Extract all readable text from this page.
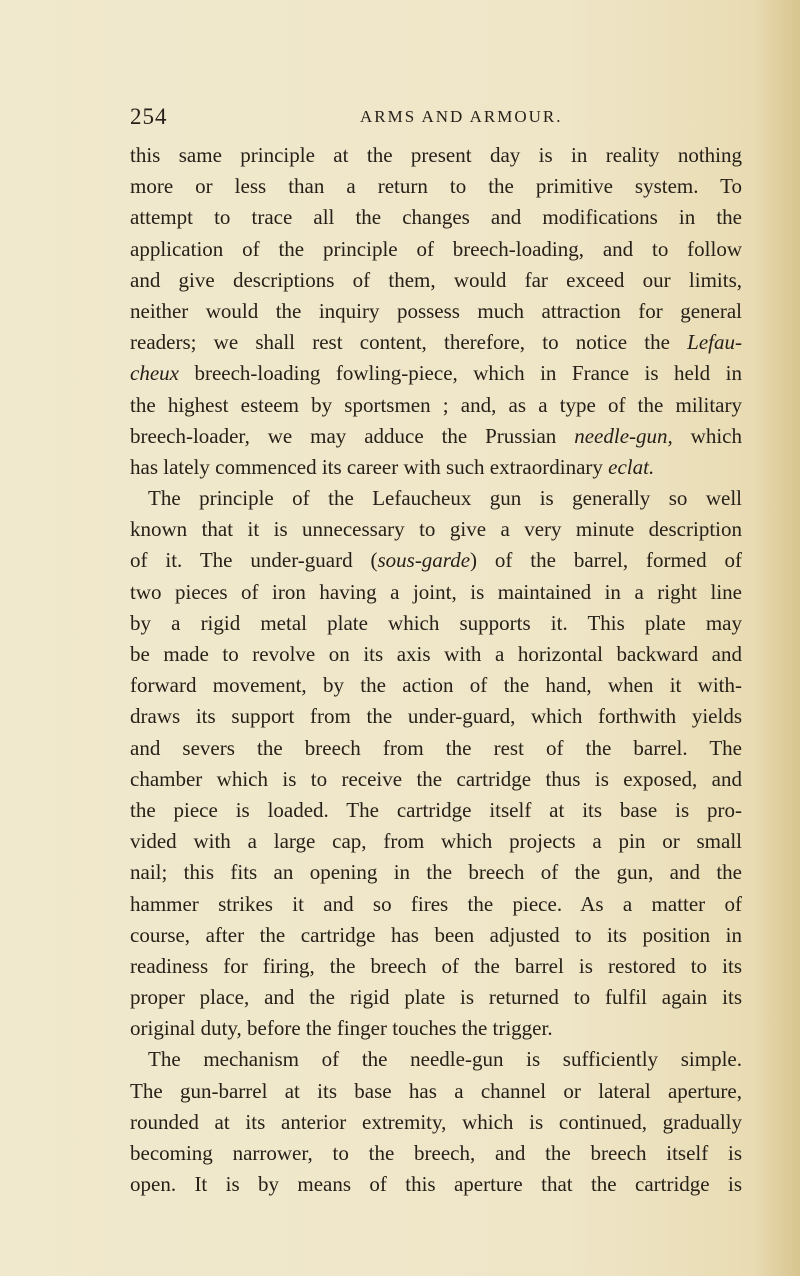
254	ARMS AND ARMOUR.
this same principle at the present day is in reality nothing
more or less than a return to the primitive system. To
attempt to trace all the changes and modifications in the
application of the principle of breech-loading, and to follow
and give descriptions of them, would far exceed our limits,
neither would the inquiry possess much attraction for general
readers; we shall rest content, therefore, to notice the Lefau-
cheux breech-loading fowling-piece, which in France is held in
the highest esteem by sportsmen ; and, as a type of the military
breech-loader, we may adduce the Prussian needle-gun, which
has lately commenced its career with such extraordinary eclat.
The principle of the Lefaucheux gun is generally so well
known that it is unnecessary to give a very minute description
of it. The under-guard (sous-garde) of the barrel, formed of
two pieces of iron having a joint, is maintained in a right line
by a rigid metal plate which supports it. This plate may
be made to revolve on its axis with a horizontal backward and
forward movement, by the action of the hand, when it with-
draws its support from the under-guard, which forthwith yields
and severs the breech from the rest of the barrel. The
chamber which is to receive the cartridge thus is exposed, and
the piece is loaded. The cartridge itself at its base is pro-
vided with a large cap, from which projects a pin or small
nail; this fits an opening in the breech of the gun, and the
hammer strikes it and so fires the piece. As a matter of
course, after the cartridge has been adjusted to its position in
readiness for firing, the breech of the barrel is restored to its
proper place, and the rigid plate is returned to fulfil again its
original duty, before the finger touches the trigger.
The mechanism of the needle-gun is sufficiently simple.
The gun-barrel at its base has a channel or lateral aperture,
rounded at its anterior extremity, which is continued, gradually
becoming narrower, to the breech, and the breech itself is
open. It is by means of this aperture that the cartridge is
